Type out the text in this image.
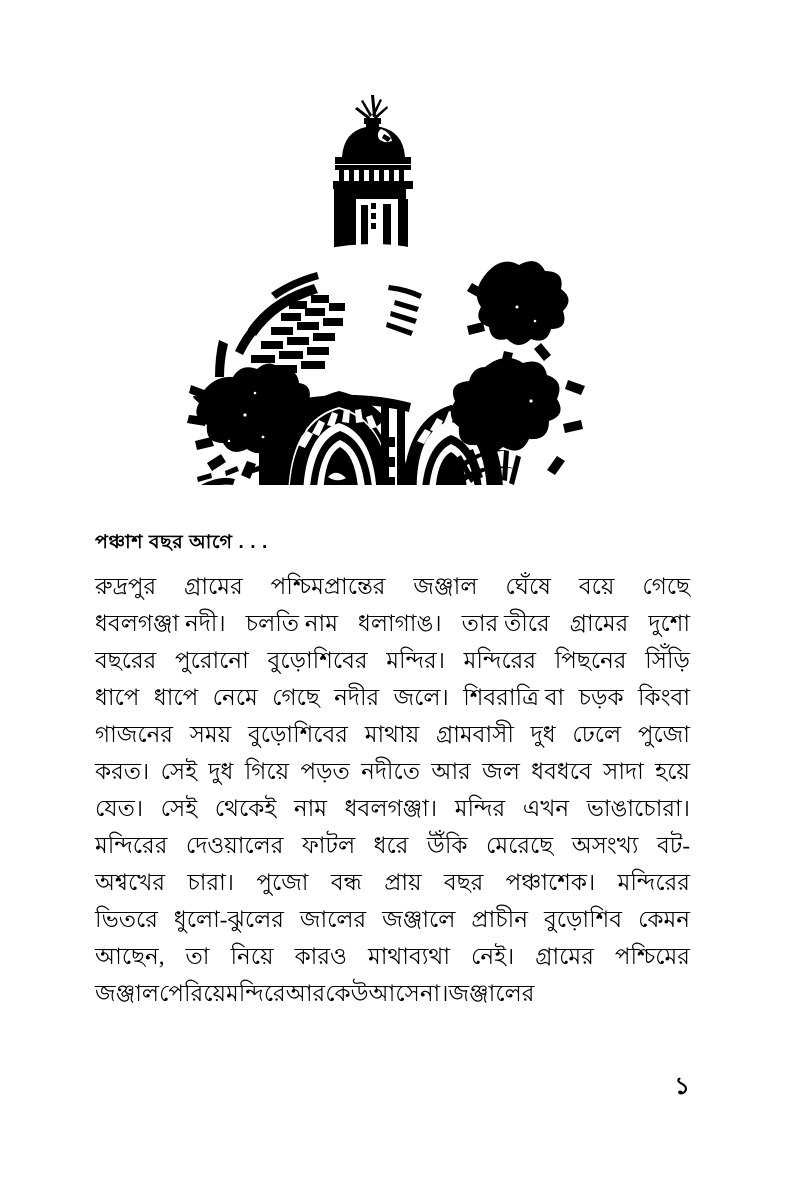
পঞ্চাশ বছর আগে . . .
রুদ্রপুর গ্রামের পশ্চিমপ্রান্তের জঞ্জাল ঘেঁষে বয়ে গেছে
ধবলগঞ্জা নদী। চলতি নাম ধলাগাঙ। তার তীরে গ্রামের দুশো
বছরের পুরোনো বুড়োশিবের মন্দির। মন্দিরের পিছনের সিঁড়ি
ধাপে ধাপে নেমে গেছে নদীর জলে। শিবরাত্রি বা চড়ক কিংবা
গাজনের সময় বুড়োশিবের মাথায় গ্রামবাসী দুধ ঢেলে পুজো
করত। সেই দুধ গিয়ে পড়ত নদীতে আর জল ধবধবে সাদা হয়ে
যেত। সেই থেকেই নাম ধবলগঞ্জা। মন্দির এখন ভাঙাচোরা।
মন্দিরের দেওয়ালের ফাটল ধরে উঁকি মেরেছে অসংখ্য বট-
অশ্বখের চারা। পুজো বন্ধ প্রায় বছর পঞ্চাশেক। মন্দিরের
ভিতরে ধুলো-ঝুলের জালের জঞ্জালে প্রাচীন বুড়োশিব কেমন
আছেন, তা নিয়ে কারও মাথাব্যথা নেই। গ্রামের পশ্চিমের
জঞ্জাল পেরিয়ে মন্দিরে আর কেউ আসে না। জঞ্জালের
১
